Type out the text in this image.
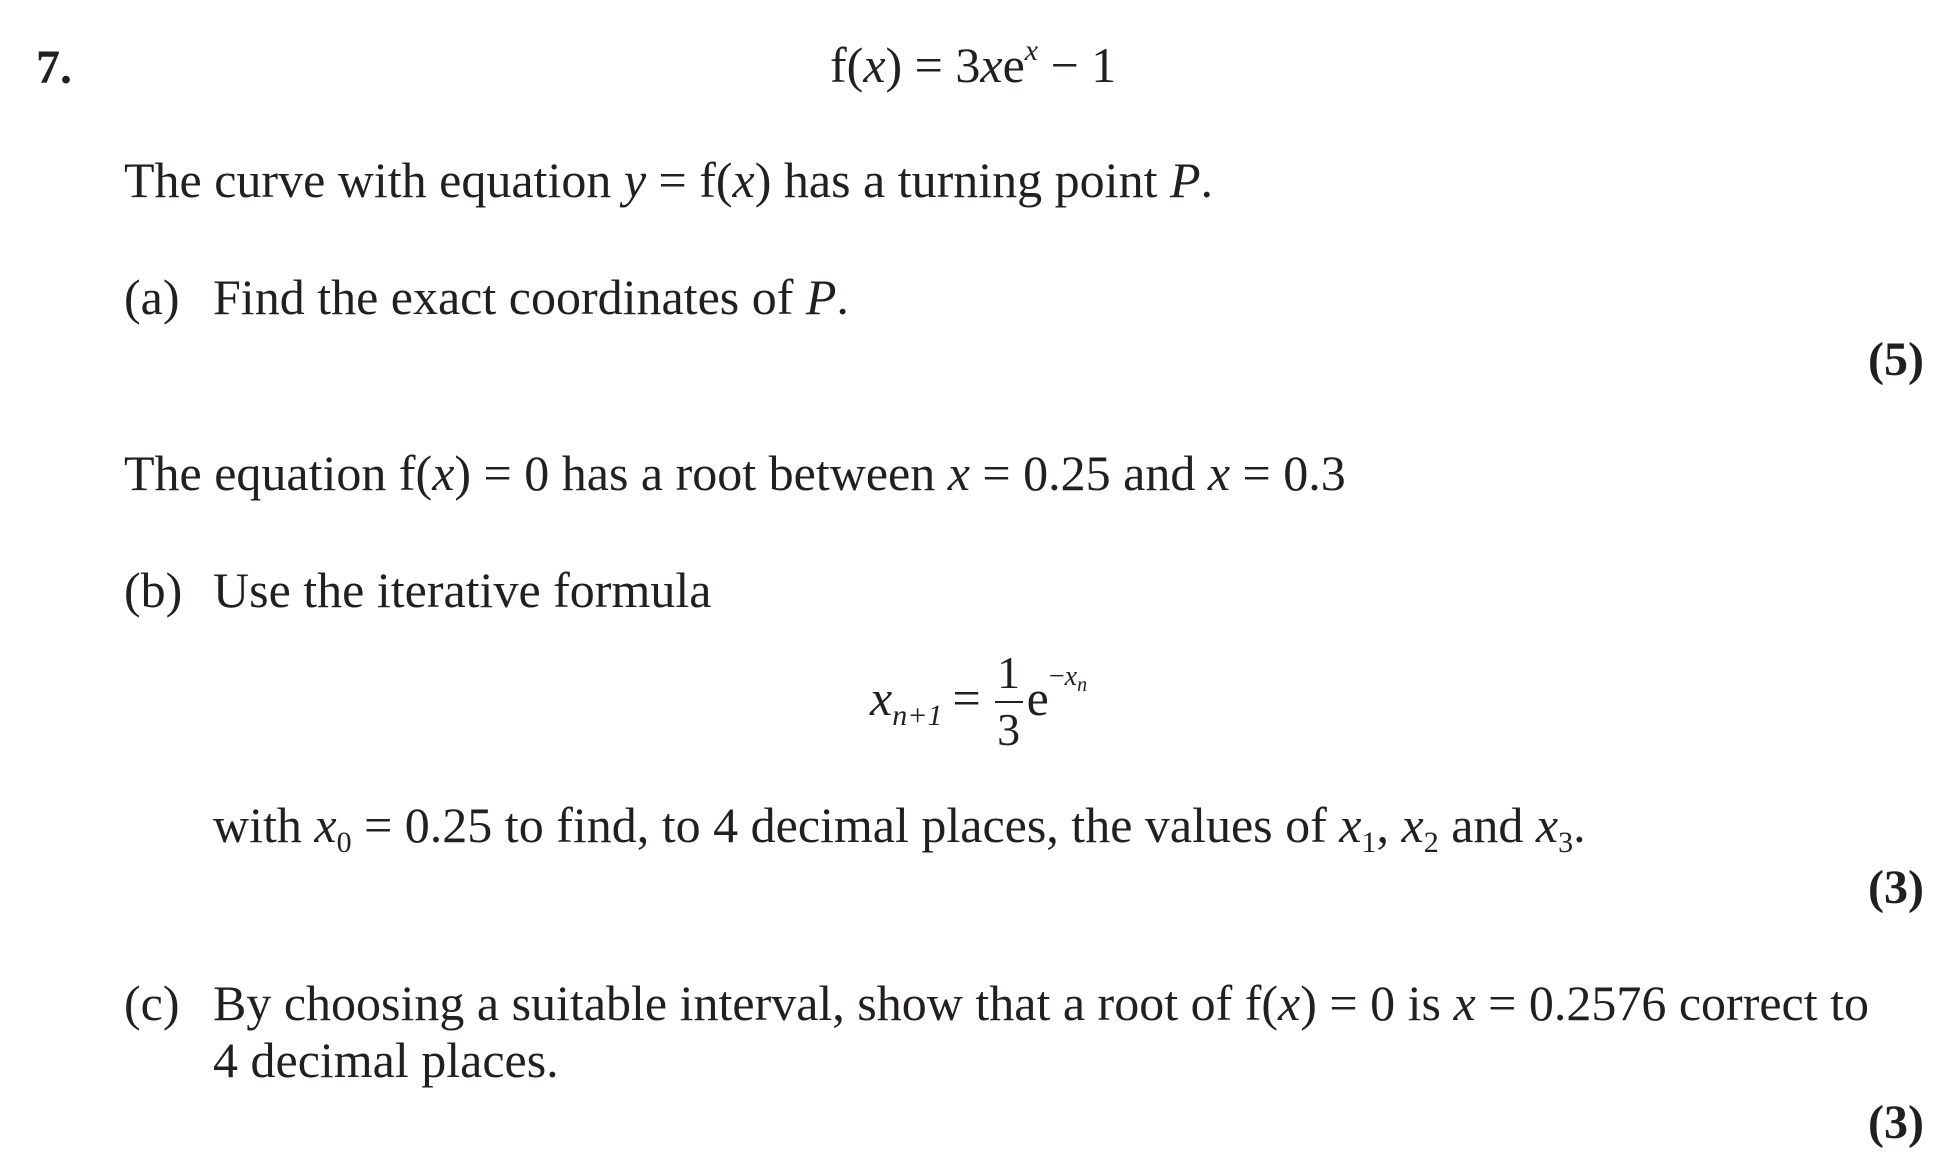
7.	$f(x) = 3xe^x - 1$
The curve with equation y = f(x) has a turning point P.
(a) Find the exact coordinates of P.
(5)
The equation f(x) = 0 has a root between x = 0.25 and x = 0.3
(b) Use the iterative formula
$x_{n+1} = \frac{1}{3} e^{-x_n}$
with $x_0 = 0.25$ to find, to 4 decimal places, the values of $x_1$, $x_2$ and $x_3$.
(3)
(c) By choosing a suitable interval, show that a root of f(x) = 0 is x = 0.2576 correct to
4 decimal places.
(3)
